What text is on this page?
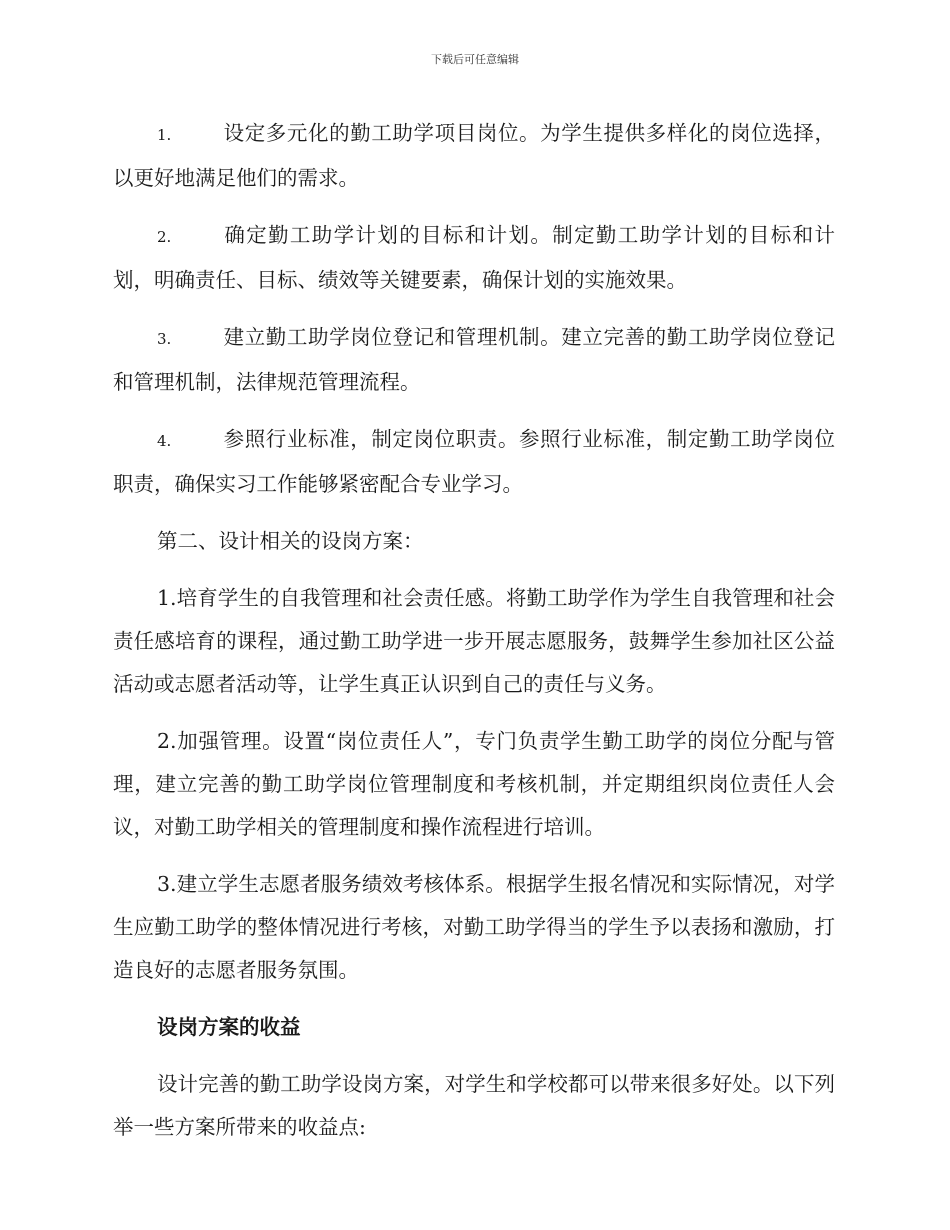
下载后可任意编辑

1.	设定多元化的勤工助学项目岗位。为学生提供多样化的岗位选择，以更好地满足他们的需求。

2.	确定勤工助学计划的目标和计划。制定勤工助学计划的目标和计划，明确责任、目标、绩效等关键要素，确保计划的实施效果。

3.	建立勤工助学岗位登记和管理机制。建立完善的勤工助学岗位登记和管理机制，法律规范管理流程。

4.	参照行业标准，制定岗位职责。参照行业标准，制定勤工助学岗位职责，确保实习工作能够紧密配合专业学习。

第二、设计相关的设岗方案：

1.培育学生的自我管理和社会责任感。将勤工助学作为学生自我管理和社会责任感培育的课程，通过勤工助学进一步开展志愿服务，鼓舞学生参加社区公益活动或志愿者活动等，让学生真正认识到自己的责任与义务。

2.加强管理。设置“岗位责任人”，专门负责学生勤工助学的岗位分配与管理，建立完善的勤工助学岗位管理制度和考核机制，并定期组织岗位责任人会议，对勤工助学相关的管理制度和操作流程进行培训。

3.建立学生志愿者服务绩效考核体系。根据学生报名情况和实际情况，对学生应勤工助学的整体情况进行考核，对勤工助学得当的学生予以表扬和激励，打造良好的志愿者服务氛围。

设岗方案的收益

设计完善的勤工助学设岗方案，对学生和学校都可以带来很多好处。以下列举一些方案所带来的收益点:
